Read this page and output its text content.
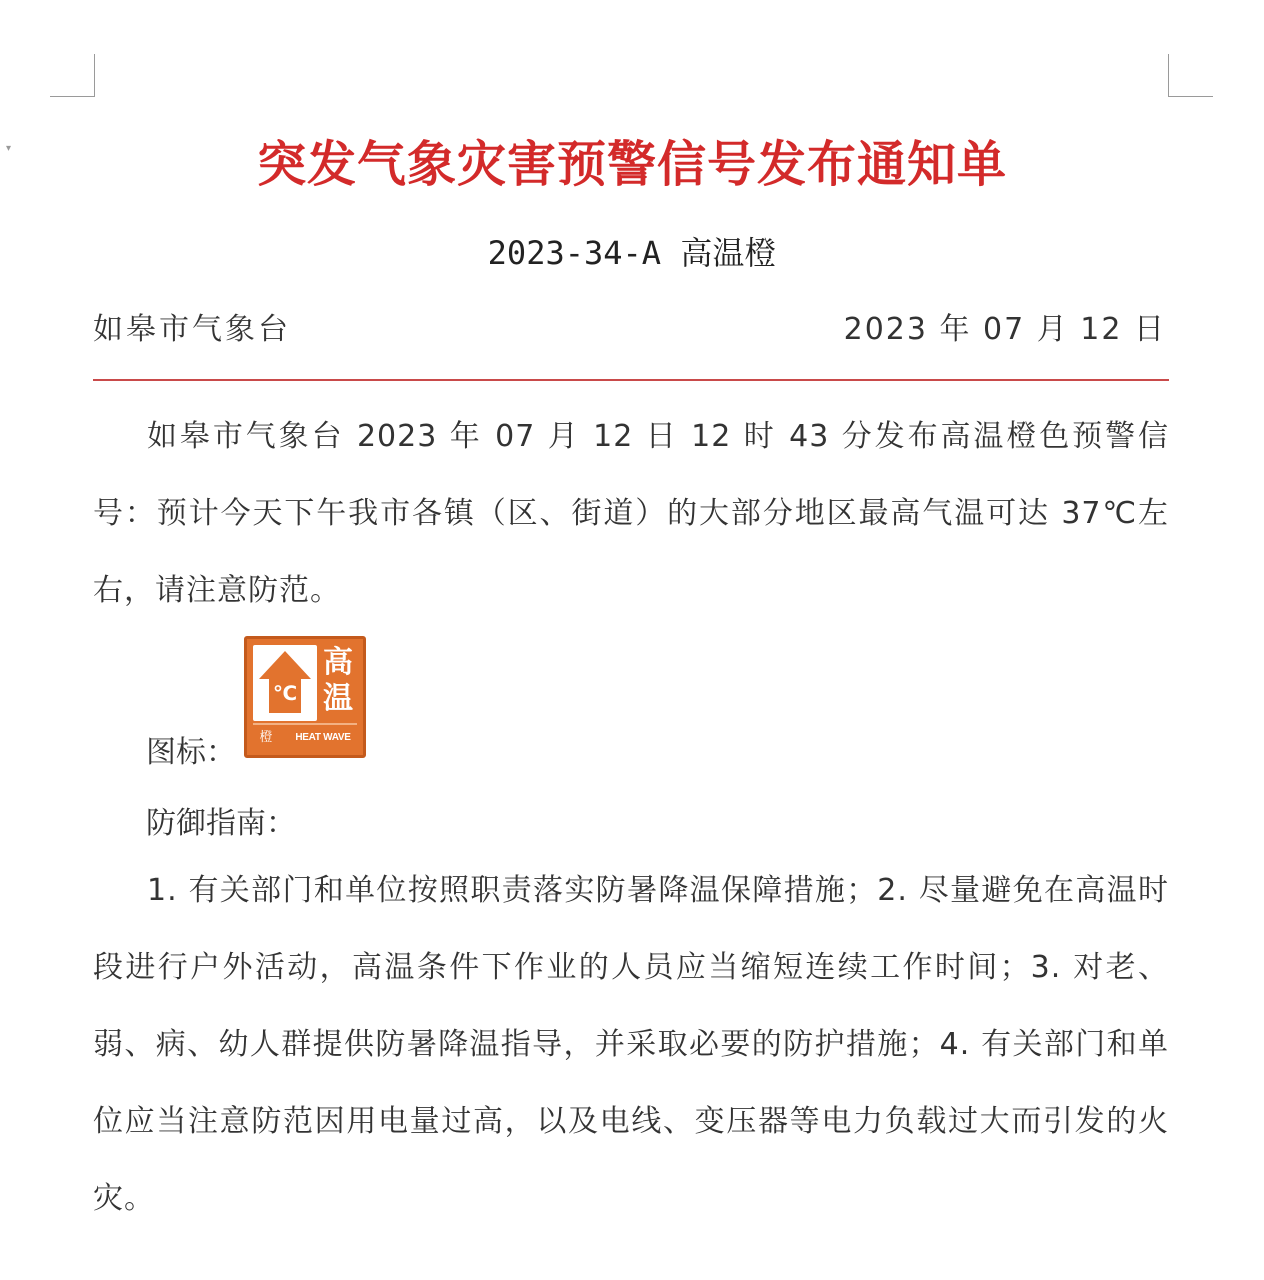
▾	突发气象灾害预警信号发布通知单
2023-34-A 高温橙
如皋市气象台	2023 年 07 月 12 日
如皋市气象台 2023 年 07 月 12 日 12 时 43 分发布高温橙色预警信号：预计今天下午我市各镇（区、街道）的大部分地区最高气温可达 37℃左右，请注意防范。
图标：
℃
高温
橙	HEAT WAVE
防御指南：
1. 有关部门和单位按照职责落实防暑降温保障措施；2. 尽量避免在高温时段进行户外活动，高温条件下作业的人员应当缩短连续工作时间；3. 对老、弱、病、幼人群提供防暑降温指导，并采取必要的防护措施；4. 有关部门和单位应当注意防范因用电量过高，以及电线、变压器等电力负载过大而引发的火灾。
